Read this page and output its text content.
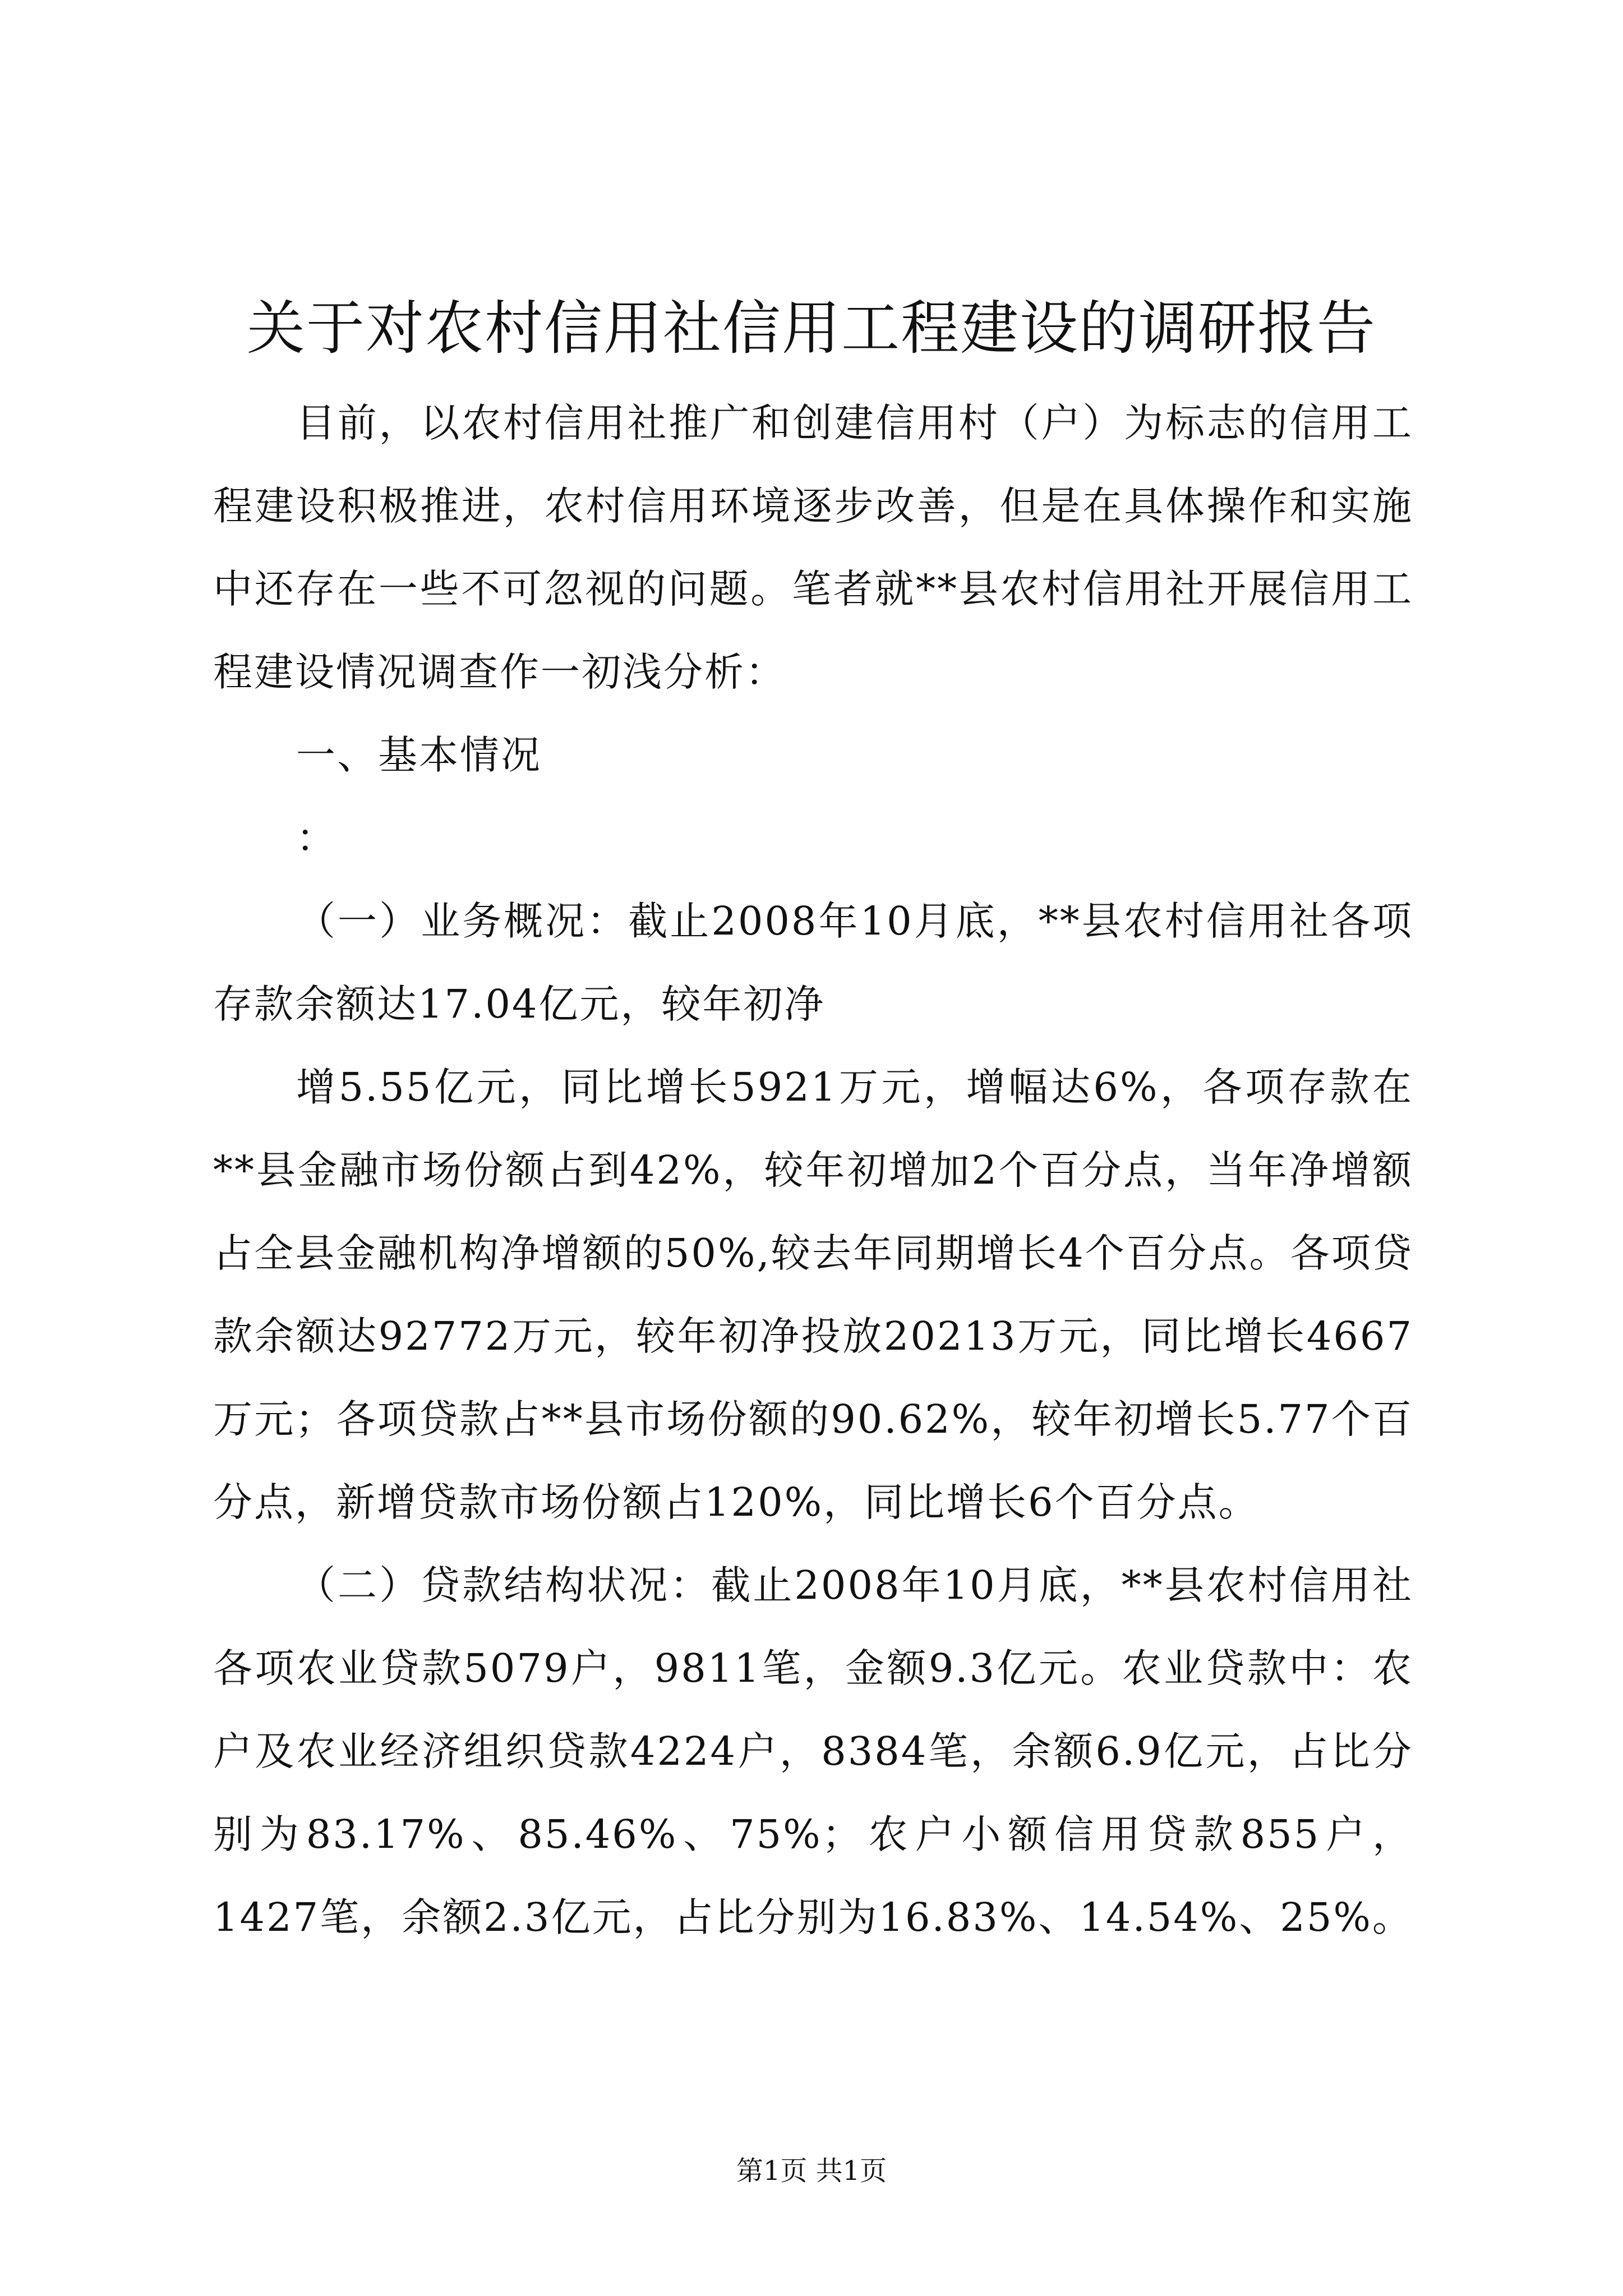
关于对农村信用社信用工程建设的调研报告

目前，以农村信用社推广和创建信用村（户）为标志的信用工程建设积极推进，农村信用环境逐步改善，但是在具体操作和实施中还存在一些不可忽视的问题。笔者就**县农村信用社开展信用工程建设情况调查作一初浅分析：

一、基本情况

：

（一）业务概况：截止2008年10月底，**县农村信用社各项存款余额达17.04亿元，较年初净

增5.55亿元，同比增长5921万元，增幅达6%，各项存款在**县金融市场份额占到42%，较年初增加2个百分点，当年净增额占全县金融机构净增额的50%,较去年同期增长4个百分点。各项贷款余额达92772万元，较年初净投放20213万元，同比增长4667万元；各项贷款占**县市场份额的90.62%，较年初增长5.77个百分点，新增贷款市场份额占120%，同比增长6个百分点。

（二）贷款结构状况：截止2008年10月底，**县农村信用社各项农业贷款5079户，9811笔，金额9.3亿元。农业贷款中：农户及农业经济组织贷款4224户，8384笔，余额6.9亿元，占比分别为83.17%、85.46%、75%；农户小额信用贷款855户，1427笔，余额2.3亿元，占比分别为16.83%、14.54%、25%。

第1页 共1页
